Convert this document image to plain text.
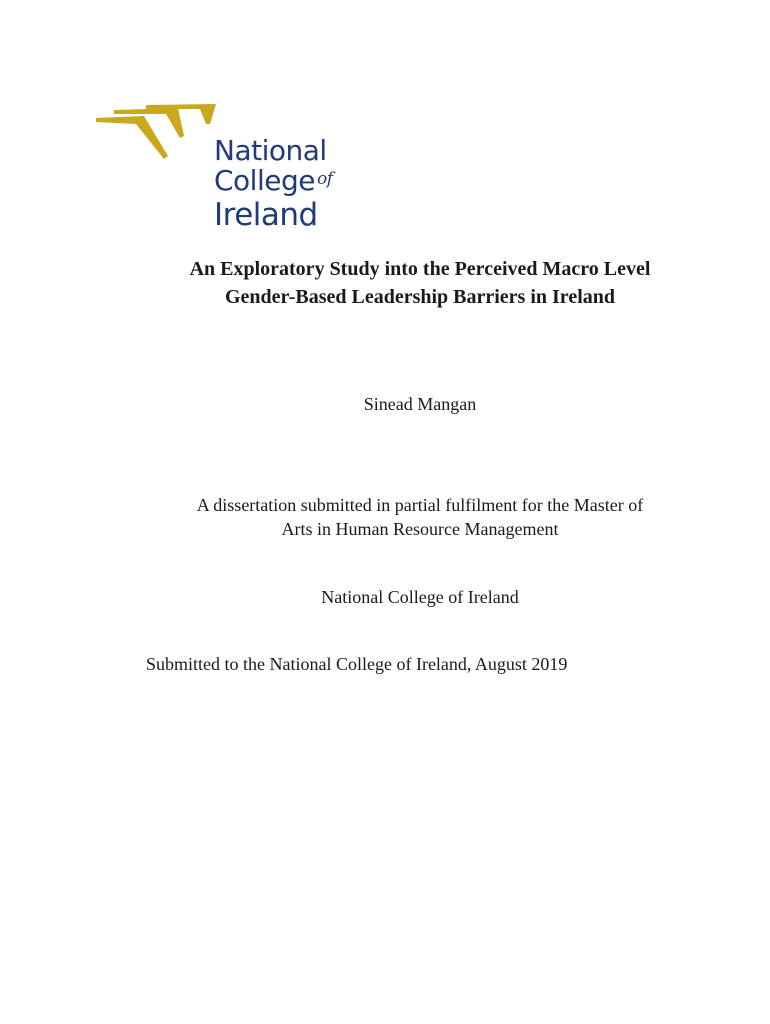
National
College $^{of}$
Ireland
An Exploratory Study into the Perceived Macro Level
Gender-Based Leadership Barriers in Ireland
Sinead Mangan
A dissertation submitted in partial fulfilment for the Master of
Arts in Human Resource Management
National College of Ireland
Submitted to the National College of Ireland, August 2019
